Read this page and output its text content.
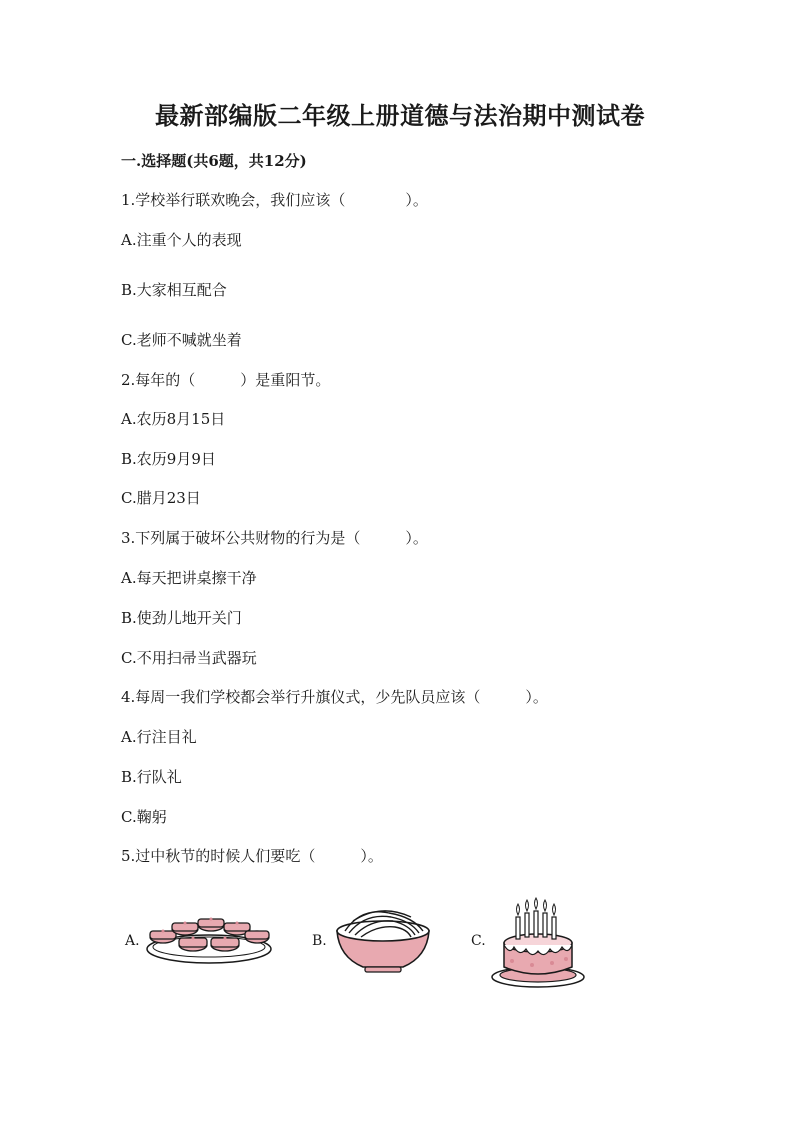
最新部编版二年级上册道德与法治期中测试卷
一.选择题(共6题，共12分)
1.学校举行联欢晚会，我们应该（　　　　）。
A.注重个人的表现
B.大家相互配合
C.老师不喊就坐着
2.每年的（　　　）是重阳节。
A.农历8月15日
B.农历9月9日
C.腊月23日
3.下列属于破坏公共财物的行为是（　　　）。
A.每天把讲桌擦干净
B.使劲儿地开关门
C.不用扫帚当武器玩
4.每周一我们学校都会举行升旗仪式，少先队员应该（　　　）。
A.行注目礼
B.行队礼
C.鞠躬
5.过中秋节的时候人们要吃（　　　）。
A.	B.	C.
